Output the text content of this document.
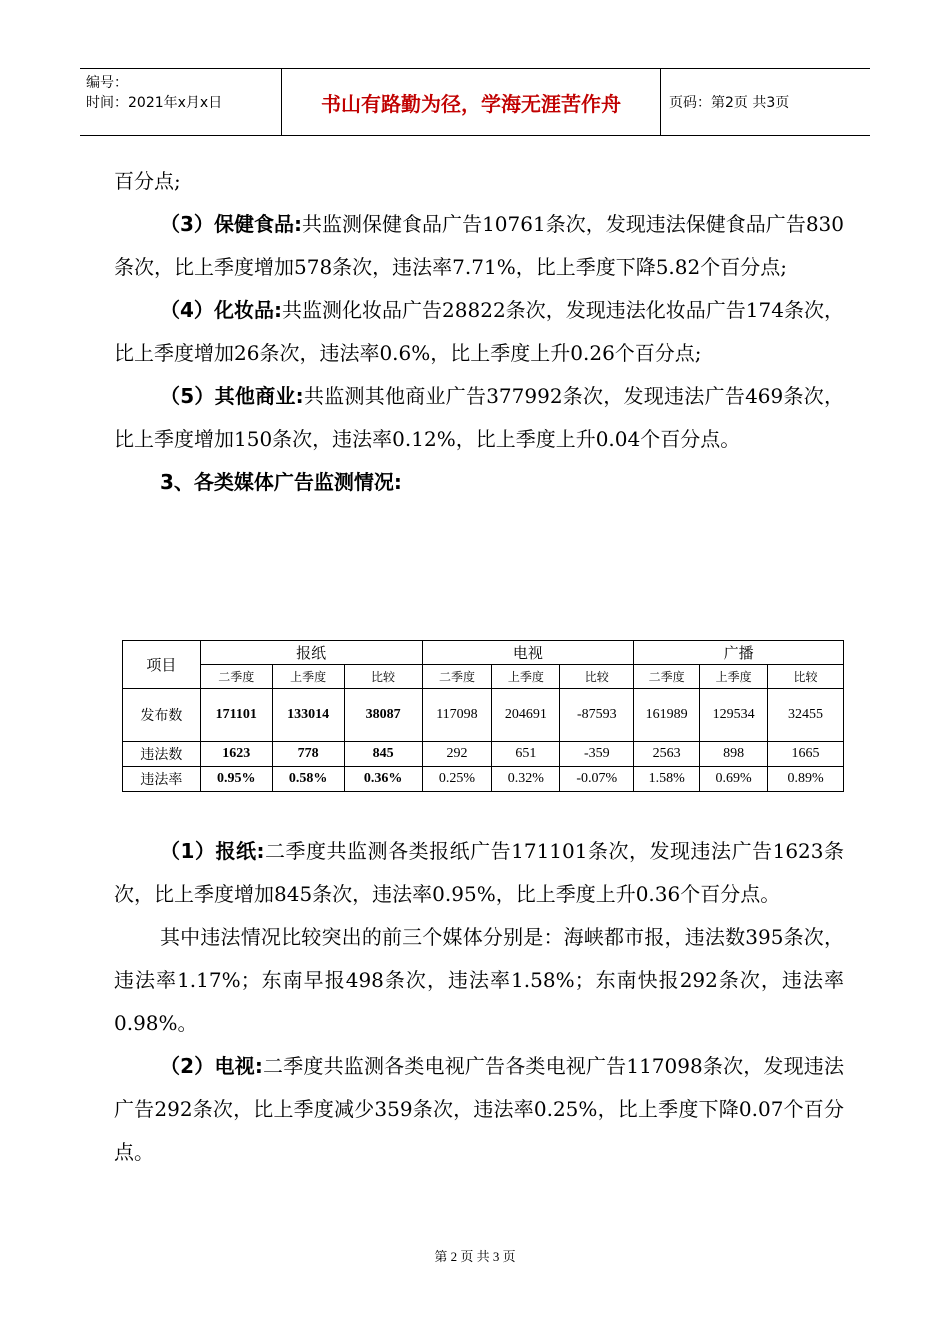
编号：
时间：2021年x月x日	书山有路勤为径，学海无涯苦作舟	页码：第2页 共3页

百分点;

（3）保健食品:共监测保健食品广告10761条次，发现违法保健食品广告830条次，比上季度增加578条次，违法率7.71%，比上季度下降5.82个百分点;

（4）化妆品:共监测化妆品广告28822条次，发现违法化妆品广告174条次，比上季度增加26条次，违法率0.6%，比上季度上升0.26个百分点;

（5）其他商业:共监测其他商业广告377992条次，发现违法广告469条次，比上季度增加150条次，违法率0.12%，比上季度上升0.04个百分点。

3、各类媒体广告监测情况:

项目	报纸			电视			广播		
	二季度	上季度	比较	二季度	上季度	比较	二季度	上季度	比较
发布数	171101	133014	38087	117098	204691	-87593	161989	129534	32455
违法数	1623	778	845	292	651	-359	2563	898	1665
违法率	0.95%	0.58%	0.36%	0.25%	0.32%	-0.07%	1.58%	0.69%	0.89%

（1）报纸:二季度共监测各类报纸广告171101条次，发现违法广告1623条次，比上季度增加845条次，违法率0.95%，比上季度上升0.36个百分点。

其中违法情况比较突出的前三个媒体分别是：海峡都市报，违法数395条次，违法率1.17%；东南早报498条次，违法率1.58%；东南快报292条次，违法率0.98%。

（2）电视:二季度共监测各类电视广告各类电视广告117098条次，发现违法广告292条次，比上季度减少359条次，违法率0.25%，比上季度下降0.07个百分点。

第 2 页 共 3 页
